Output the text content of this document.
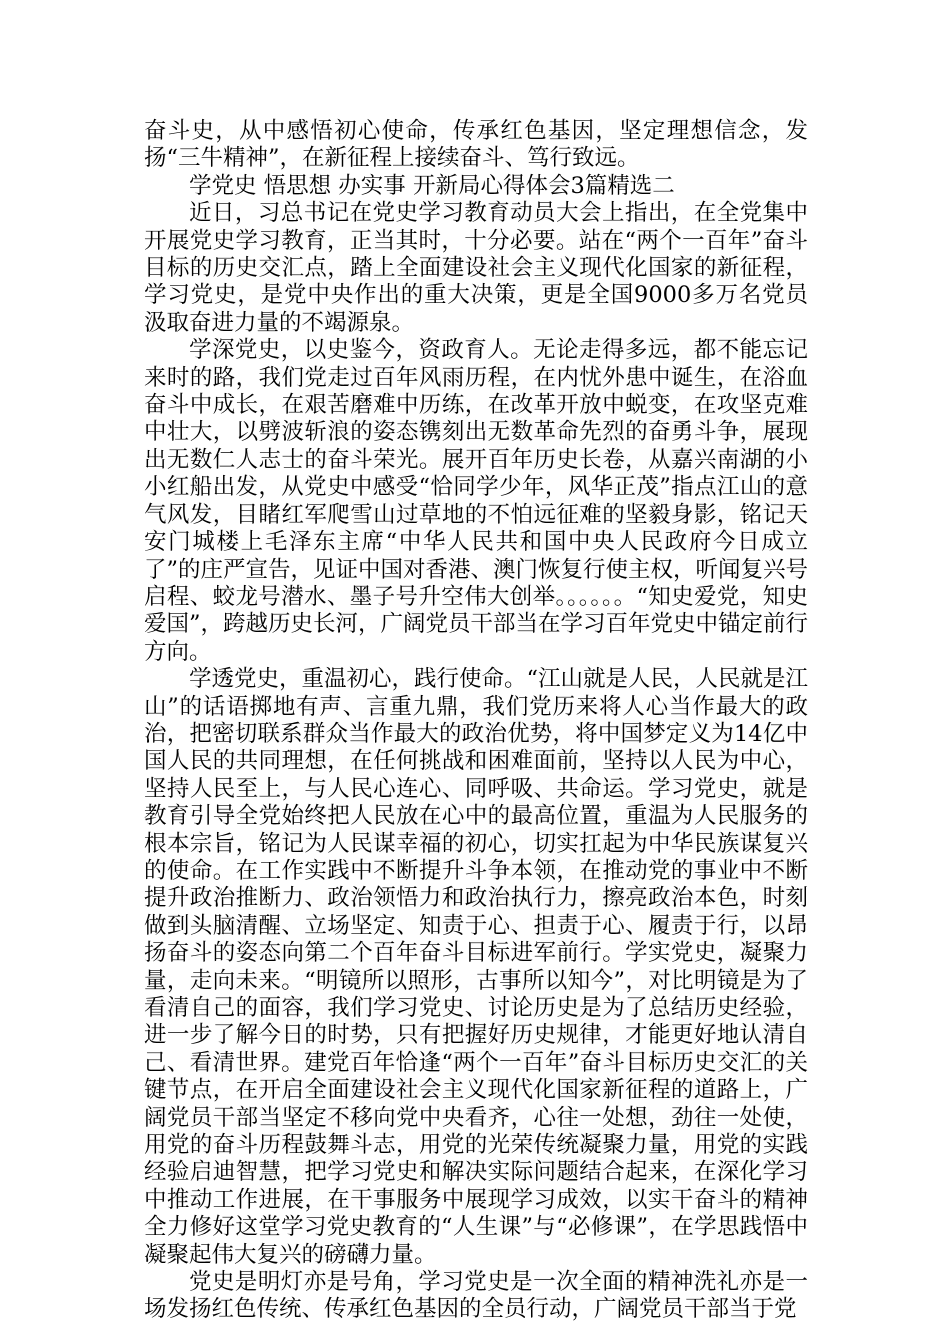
奋斗史，从中感悟初心使命，传承红色基因，坚定理想信念，发扬“三牛精神”，在新征程上接续奋斗、笃行致远。

学党史 悟思想 办实事 开新局心得体会3篇精选二

近日，习总书记在党史学习教育动员大会上指出，在全党集中开展党史学习教育，正当其时，十分必要。站在“两个一百年”奋斗目标的历史交汇点，踏上全面建设社会主义现代化国家的新征程，学习党史，是党中央作出的重大决策，更是全国9000多万名党员汲取奋进力量的不竭源泉。

学深党史，以史鉴今，资政育人。无论走得多远，都不能忘记来时的路，我们党走过百年风雨历程，在内忧外患中诞生，在浴血奋斗中成长，在艰苦磨难中历练，在改革开放中蜕变，在攻坚克难中壮大，以劈波斩浪的姿态镌刻出无数革命先烈的奋勇斗争，展现出无数仁人志士的奋斗荣光。展开百年历史长卷，从嘉兴南湖的小小红船出发，从党史中感受“恰同学少年，风华正茂”指点江山的意气风发，目睹红军爬雪山过草地的不怕远征难的坚毅身影，铭记天安门城楼上毛泽东主席“中华人民共和国中央人民政府今日成立了”的庄严宣告，见证中国对香港、澳门恢复行使主权，听闻复兴号启程、蛟龙号潜水、墨子号升空伟大创举。。。。。。“知史爱党，知史爱国”，跨越历史长河，广阔党员干部当在学习百年党史中锚定前行方向。

学透党史，重温初心，践行使命。“江山就是人民，人民就是江山”的话语掷地有声、言重九鼎，我们党历来将人心当作最大的政治，把密切联系群众当作最大的政治优势，将中国梦定义为14亿中国人民的共同理想，在任何挑战和困难面前，坚持以人民为中心，坚持人民至上，与人民心连心、同呼吸、共命运。学习党史，就是教育引导全党始终把人民放在心中的最高位置，重温为人民服务的根本宗旨，铭记为人民谋幸福的初心，切实扛起为中华民族谋复兴的使命。在工作实践中不断提升斗争本领，在推动党的事业中不断提升政治推断力、政治领悟力和政治执行力，擦亮政治本色，时刻做到头脑清醒、立场坚定、知责于心、担责于心、履责于行，以昂扬奋斗的姿态向第二个百年奋斗目标进军前行。学实党史，凝聚力量，走向未来。“明镜所以照形，古事所以知今”，对比明镜是为了看清自己的面容，我们学习党史、讨论历史是为了总结历史经验，进一步了解今日的时势，只有把握好历史规律，才能更好地认清自己、看清世界。建党百年恰逢“两个一百年”奋斗目标历史交汇的关键节点，在开启全面建设社会主义现代化国家新征程的道路上，广阔党员干部当坚定不移向党中央看齐，心往一处想，劲往一处使，用党的奋斗历程鼓舞斗志，用党的光荣传统凝聚力量，用党的实践经验启迪智慧，把学习党史和解决实际问题结合起来，在深化学习中推动工作进展，在干事服务中展现学习成效，以实干奋斗的精神全力修好这堂学习党史教育的“人生课”与“必修课”，在学思践悟中凝聚起伟大复兴的磅礴力量。

党史是明灯亦是号角，学习党史是一次全面的精神洗礼亦是一场发扬红色传统、传承红色基因的全员行动，广阔党员干部当于党
